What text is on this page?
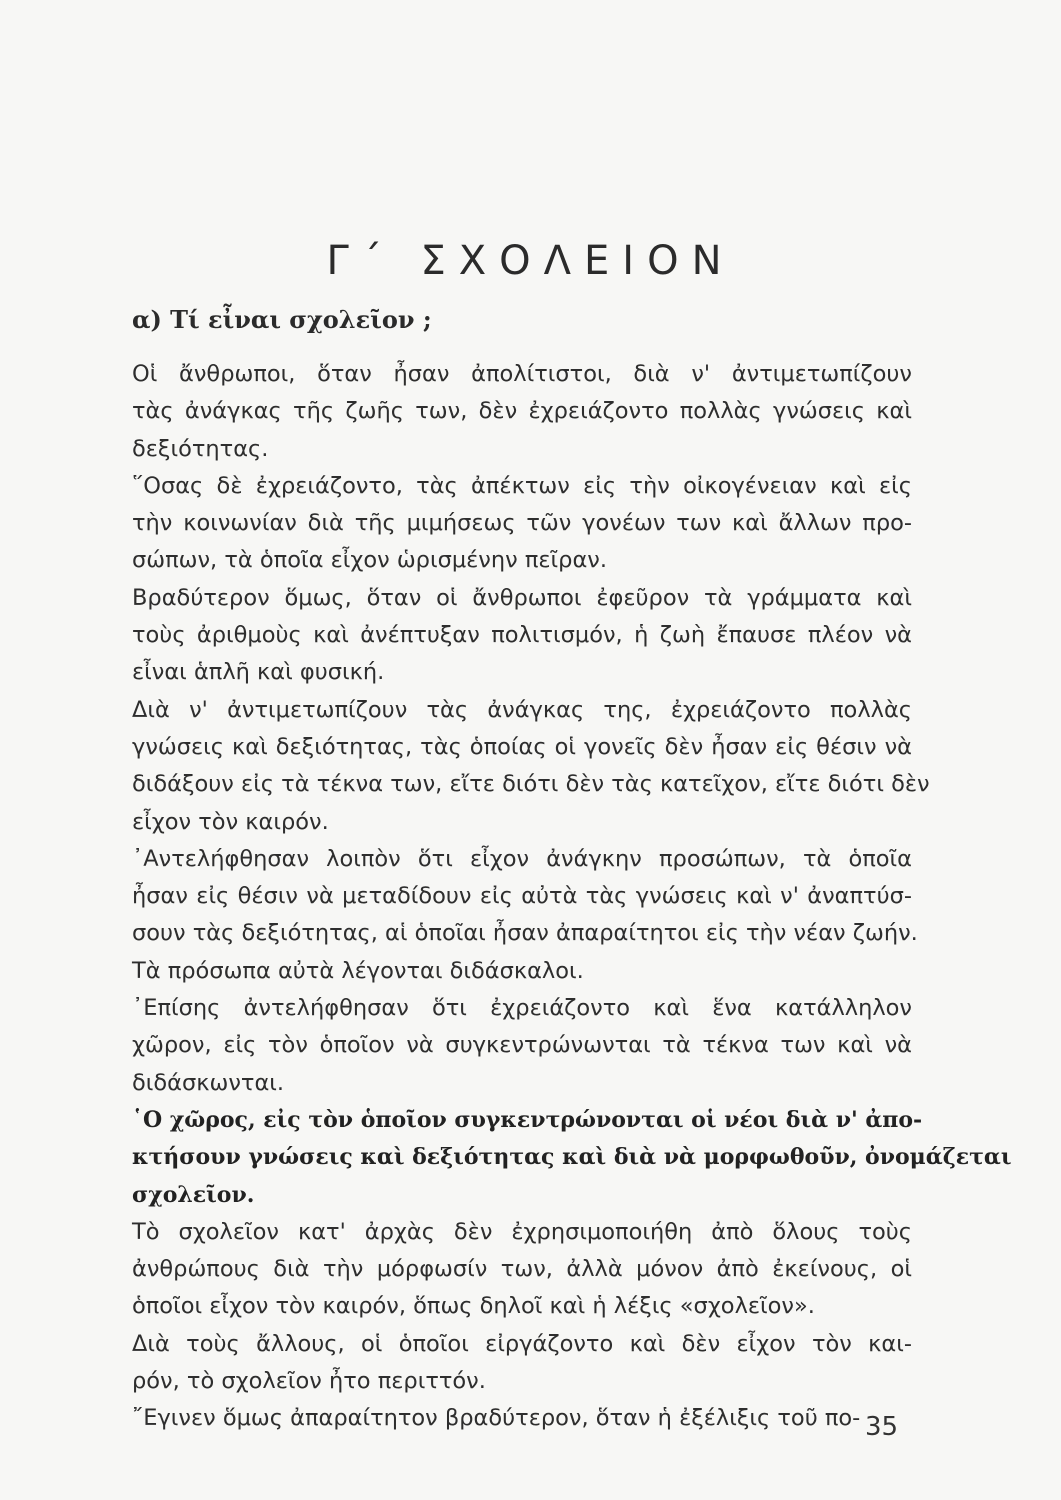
Γ΄ ΣΧΟΛΕΙΟΝ
α) Τί εἶναι σχολεῖον ;

Οἱ ἄνθρωποι, ὅταν ἦσαν ἀπολίτιστοι, διὰ ν' ἀντιμετωπίζουν
τὰς ἀνάγκας τῆς ζωῆς των, δὲν ἐχρειάζοντο πολλὰς γνώσεις καὶ
δεξιότητας.

῞Οσας δὲ ἐχρειάζοντο, τὰς ἀπέκτων εἰς τὴν οἰκογένειαν καὶ εἰς
τὴν κοινωνίαν διὰ τῆς μιμήσεως τῶν γονέων των καὶ ἄλλων προ-
σώπων, τὰ ὁποῖα εἶχον ὡρισμένην πεῖραν.

Βραδύτερον ὅμως, ὅταν οἱ ἄνθρωποι ἐφεῦρον τὰ γράμματα καὶ
τοὺς ἀριθμοὺς καὶ ἀνέπτυξαν πολιτισμόν, ἡ ζωὴ ἔπαυσε πλέον νὰ
εἶναι ἁπλῆ καὶ φυσική.

Διὰ ν' ἀντιμετωπίζουν τὰς ἀνάγκας της, ἐχρειάζοντο πολλὰς
γνώσεις καὶ δεξιότητας, τὰς ὁποίας οἱ γονεῖς δὲν ἦσαν εἰς θέσιν νὰ
διδάξουν εἰς τὰ τέκνα των, εἴτε διότι δὲν τὰς κατεῖχον, εἴτε διότι δὲν
εἶχον τὸν καιρόν.

᾿Αντελήφθησαν λοιπὸν ὅτι εἶχον ἀνάγκην προσώπων, τὰ ὁποῖα
ἦσαν εἰς θέσιν νὰ μεταδίδουν εἰς αὐτὰ τὰς γνώσεις καὶ ν' ἀναπτύσ-
σουν τὰς δεξιότητας, αἱ ὁποῖαι ἦσαν ἀπαραίτητοι εἰς τὴν νέαν ζωήν.
Τὰ πρόσωπα αὐτὰ λέγονται διδάσκαλοι.

᾿Επίσης ἀντελήφθησαν ὅτι ἐχρειάζοντο καὶ ἕνα κατάλληλον
χῶρον, εἰς τὸν ὁποῖον νὰ συγκεντρώνωνται τὰ τέκνα των καὶ νὰ
διδάσκωνται.

῾Ο χῶρος, εἰς τὸν ὁποῖον συγκεντρώνονται οἱ νέοι διὰ ν' ἀπο-
κτήσουν γνώσεις καὶ δεξιότητας καὶ διὰ νὰ μορφωθοῦν, ὀνομάζεται
σχολεῖον.

Τὸ σχολεῖον κατ' ἀρχὰς δὲν ἐχρησιμοποιήθη ἀπὸ ὅλους τοὺς
ἀνθρώπους διὰ τὴν μόρφωσίν των, ἀλλὰ μόνον ἀπὸ ἐκείνους, οἱ
ὁποῖοι εἶχον τὸν καιρόν, ὅπως δηλοῖ καὶ ἡ λέξις «σχολεῖον».

Διὰ τοὺς ἄλλους, οἱ ὁποῖοι εἰργάζοντο καὶ δὲν εἶχον τὸν και-
ρόν, τὸ σχολεῖον ἦτο περιττόν.

῎Εγινεν ὅμως ἀπαραίτητον βραδύτερον, ὅταν ἡ ἐξέλιξις τοῦ πο- 35
